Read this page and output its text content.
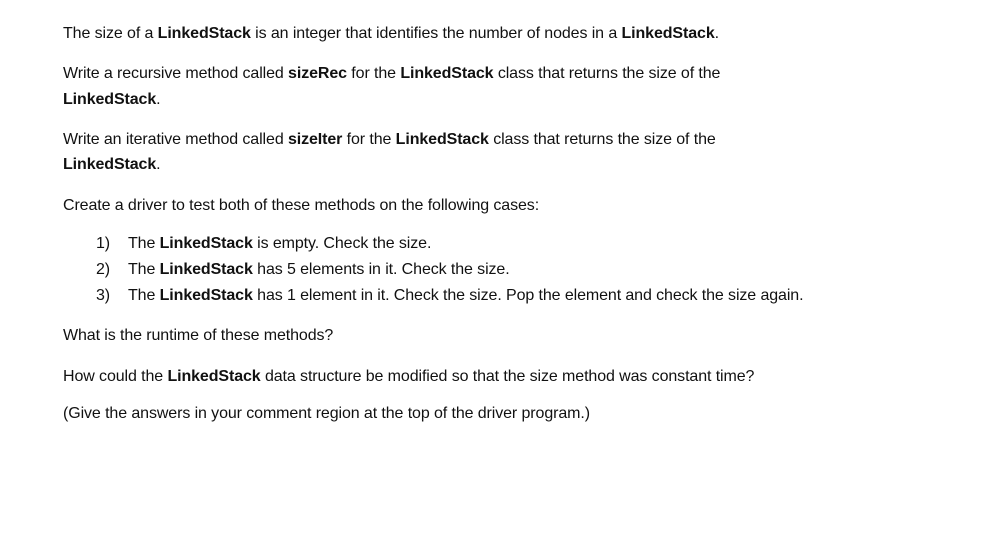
The size of a LinkedStack is an integer that identifies the number of nodes in a LinkedStack.
Write a recursive method called sizeRec for the LinkedStack class that returns the size of the
LinkedStack.
Write an iterative method called sizeIter for the LinkedStack class that returns the size of the
LinkedStack.
Create a driver to test both of these methods on the following cases:
1) The LinkedStack is empty. Check the size.
2) The LinkedStack has 5 elements in it. Check the size.
3) The LinkedStack has 1 element in it. Check the size. Pop the element and check the size again.
What is the runtime of these methods?
How could the LinkedStack data structure be modified so that the size method was constant time?
(Give the answers in your comment region at the top of the driver program.)
